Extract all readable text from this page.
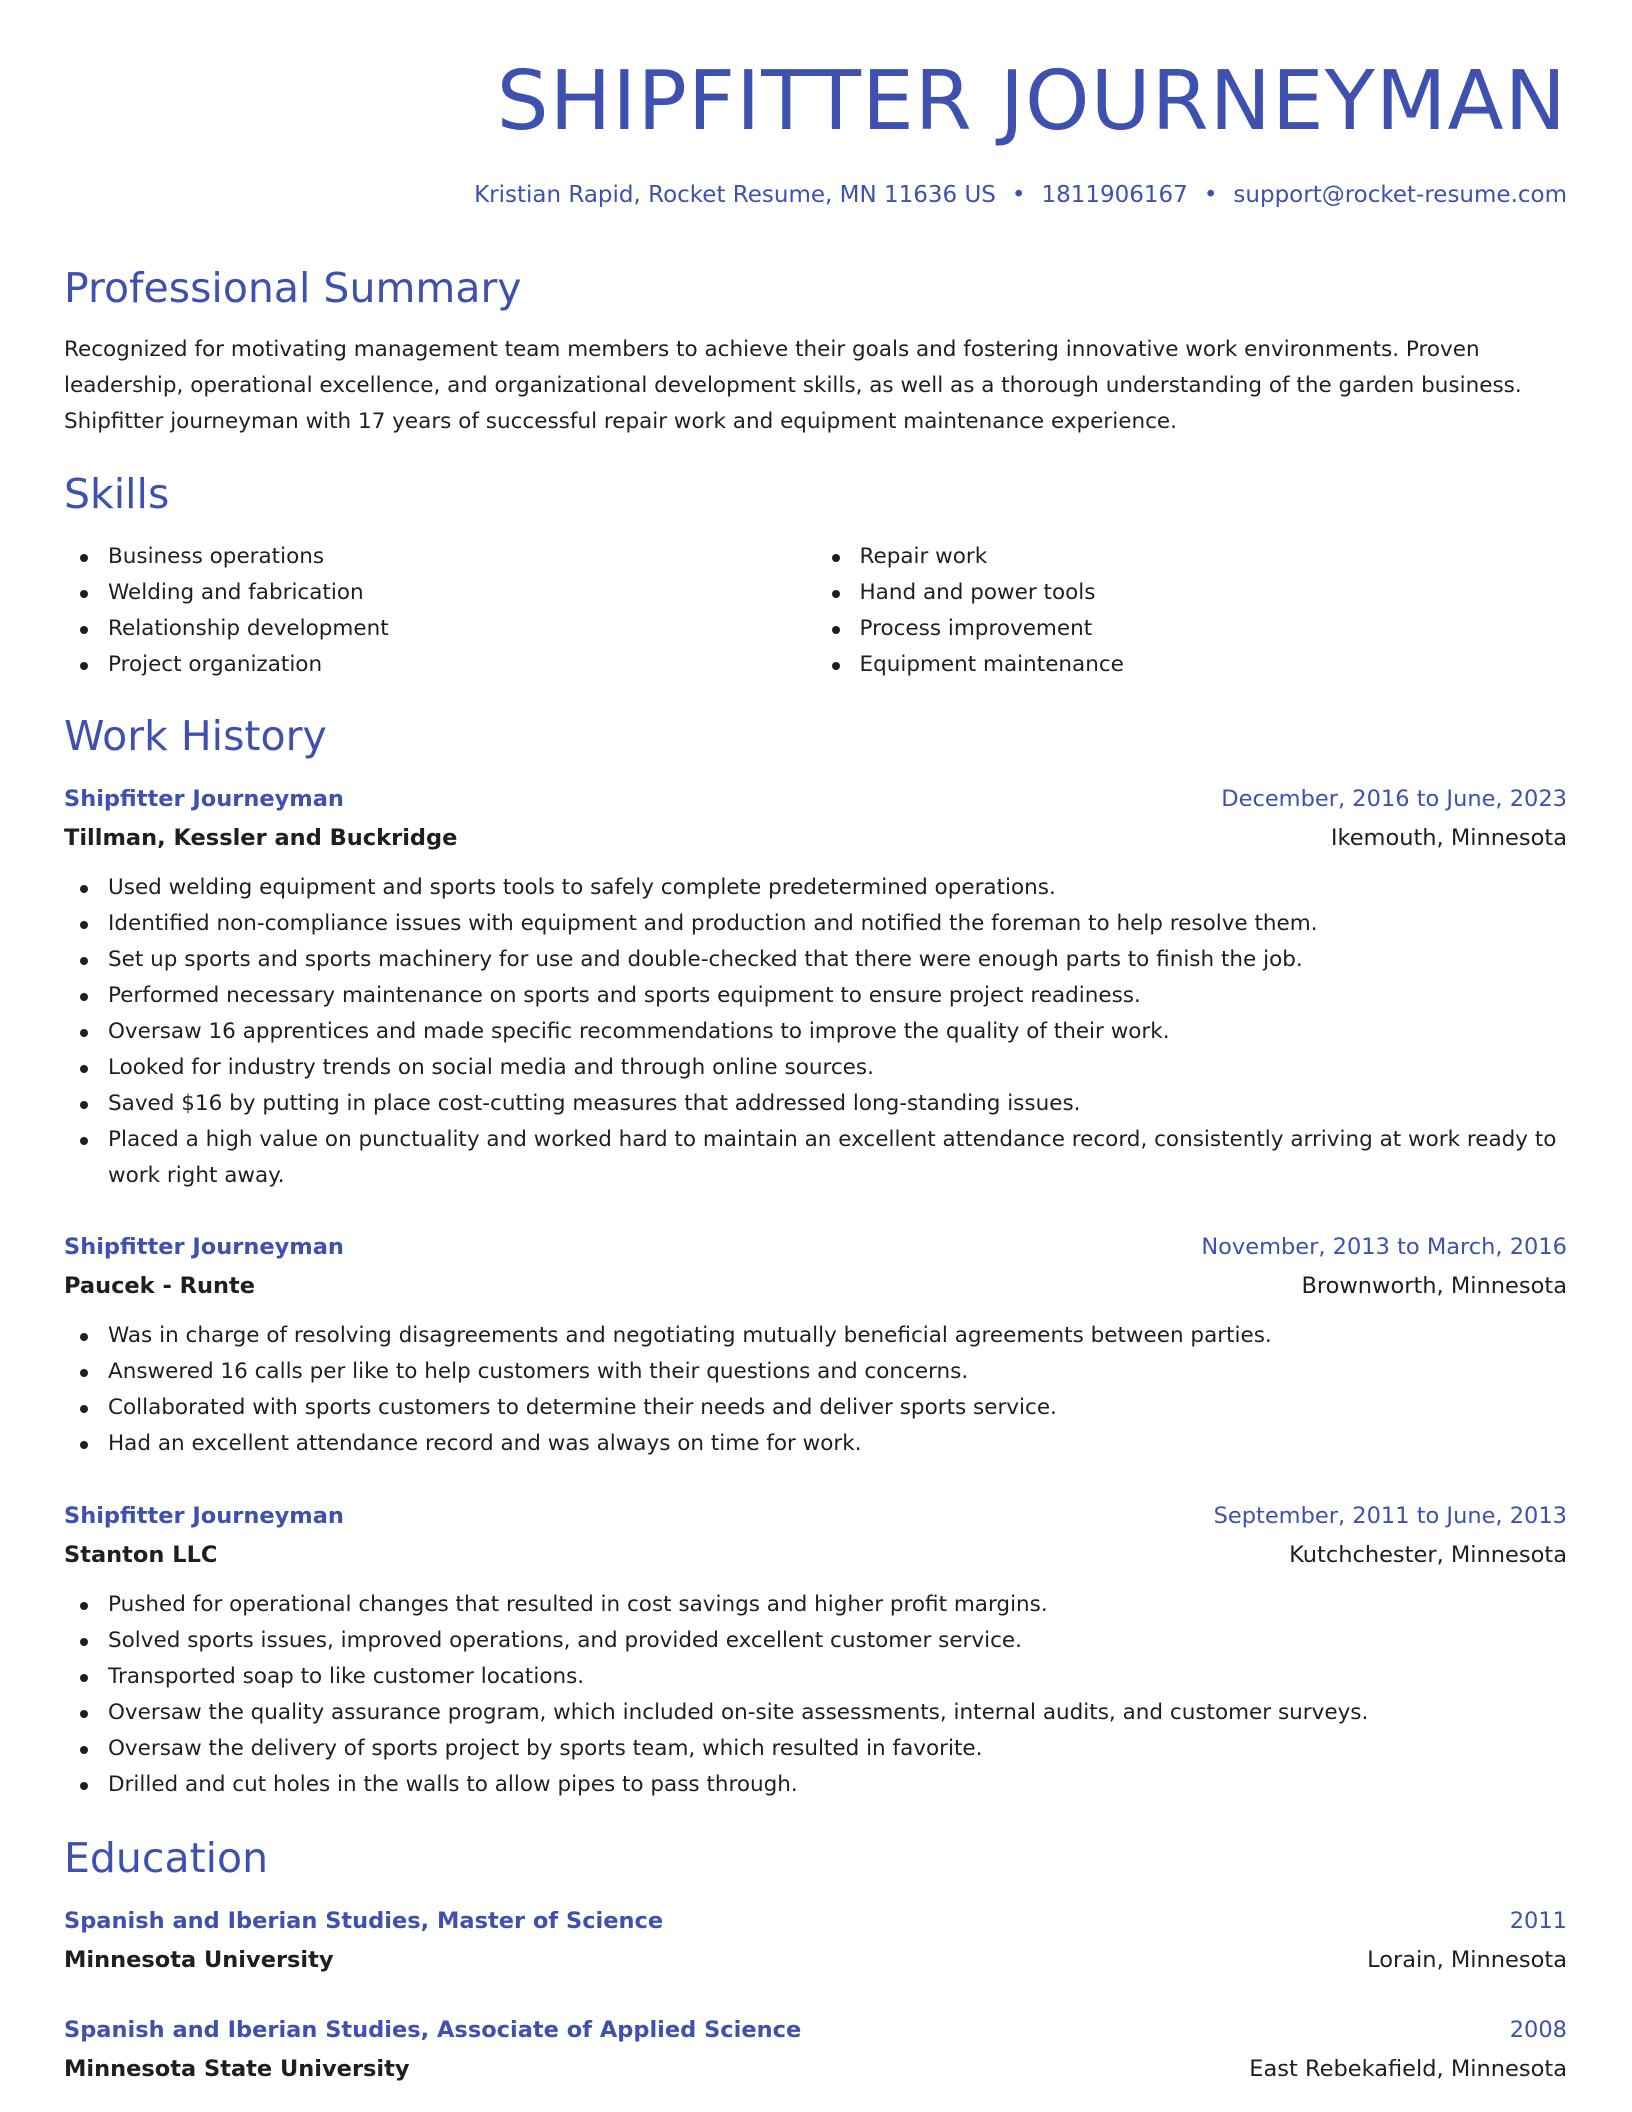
SHIPFITTER JOURNEYMAN
Kristian Rapid, Rocket Resume, MN 11636 US • 1811906167 • support@rocket-resume.com
Professional Summary

Recognized for motivating management team members to achieve their goals and fostering innovative work environments. Proven leadership, operational excellence, and organizational development skills, as well as a thorough understanding of the garden business. Shipfitter journeyman with 17 years of successful repair work and equipment maintenance experience.

Skills
Business operations
Welding and fabrication
Relationship development
Project organization
Repair work
Hand and power tools
Process improvement
Equipment maintenance
Work History
Shipfitter Journeyman	December, 2016 to June, 2023
Tillman, Kessler and Buckridge	Ikemouth, Minnesota
Used welding equipment and sports tools to safely complete predetermined operations.
Identified non-compliance issues with equipment and production and notified the foreman to help resolve them.
Set up sports and sports machinery for use and double-checked that there were enough parts to finish the job.
Performed necessary maintenance on sports and sports equipment to ensure project readiness.
Oversaw 16 apprentices and made specific recommendations to improve the quality of their work.
Looked for industry trends on social media and through online sources.
Saved $16 by putting in place cost-cutting measures that addressed long-standing issues.
Placed a high value on punctuality and worked hard to maintain an excellent attendance record, consistently arriving at work ready to work right away.
Shipfitter Journeyman	November, 2013 to March, 2016
Paucek - Runte	Brownworth, Minnesota
Was in charge of resolving disagreements and negotiating mutually beneficial agreements between parties.
Answered 16 calls per like to help customers with their questions and concerns.
Collaborated with sports customers to determine their needs and deliver sports service.
Had an excellent attendance record and was always on time for work.
Shipfitter Journeyman	September, 2011 to June, 2013
Stanton LLC	Kutchchester, Minnesota
Pushed for operational changes that resulted in cost savings and higher profit margins.
Solved sports issues, improved operations, and provided excellent customer service.
Transported soap to like customer locations.
Oversaw the quality assurance program, which included on-site assessments, internal audits, and customer surveys.
Oversaw the delivery of sports project by sports team, which resulted in favorite.
Drilled and cut holes in the walls to allow pipes to pass through.
Education
Spanish and Iberian Studies, Master of Science	2011
Minnesota University	Lorain, Minnesota
Spanish and Iberian Studies, Associate of Applied Science	2008
Minnesota State University	East Rebekafield, Minnesota
